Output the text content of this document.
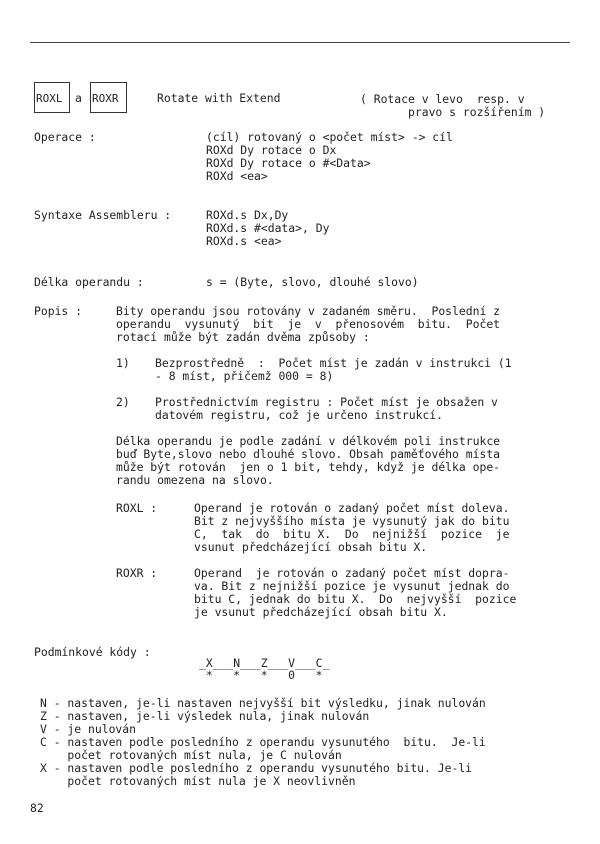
ROXL a ROXR	Rotate with Extend	( Rotace v levo  resp. v
pravo s rozšířením )
Operace :	(cíl) rotovaný o <počet míst> -> cíl
ROXd Dy rotace o Dx
ROXd Dy rotace o #<Data>
ROXd <ea>
Syntaxe Assembleru :	ROXd.s Dx,Dy
ROXd.s #<data>, Dy
ROXd.s <ea>
Délka operandu :	s = (Byte, slovo, dlouhé slovo)
Popis :	Bity operandu jsou rotovány v zadaném směru.  Poslední z
operandu  vysunutý  bit  je  v  přenosovém  bitu.  Počet
rotací může být zadán dvěma způsoby :
1) Bezprostředně  :  Počet míst je zadán v instrukci (1
- 8 míst, přičemž 000 = 8)
2) Prostřednictvím registru : Počet míst je obsažen v
datovém registru, což je určeno instrukcí.
Délka operandu je podle zadání v délkovém poli instrukce
buď Byte,slovo nebo dlouhé slovo. Obsah paměťového místa
může být rotován  jen o 1 bit, tehdy, když je délka ope-
randu omezena na slovo.
ROXL :	Operand je rotován o zadaný počet míst doleva.
Bit z nejvyššího místa je vysunutý jak do bitu
C,  tak  do  bitu X.  Do  nejnižší  pozice  je
vsunut předcházející obsah bitu X.
ROXR :	Operand  je rotován o zadaný počet míst dopra-
va. Bit z nejnižší pozice je vysunut jednak do
bitu C, jednak do bitu X.  Do  nejvyšší  pozice
je vsunut předcházející obsah bitu X.
Podmínkové kódy :
_X___N___Z___V___C_
*   *   *   0   *
N - nastaven, je-li nastaven nejvyšší bit výsledku, jinak nulován
Z - nastaven, je-li výsledek nula, jinak nulován
V - je nulován
C - nastaven podle posledního z operandu vysunutého  bitu.  Je-li
počet rotovaných míst nula, je C nulován
X - nastaven podle posledního z operandu vysunutého bitu. Je-li
počet rotovaných míst nula je X neovlivněn
82
